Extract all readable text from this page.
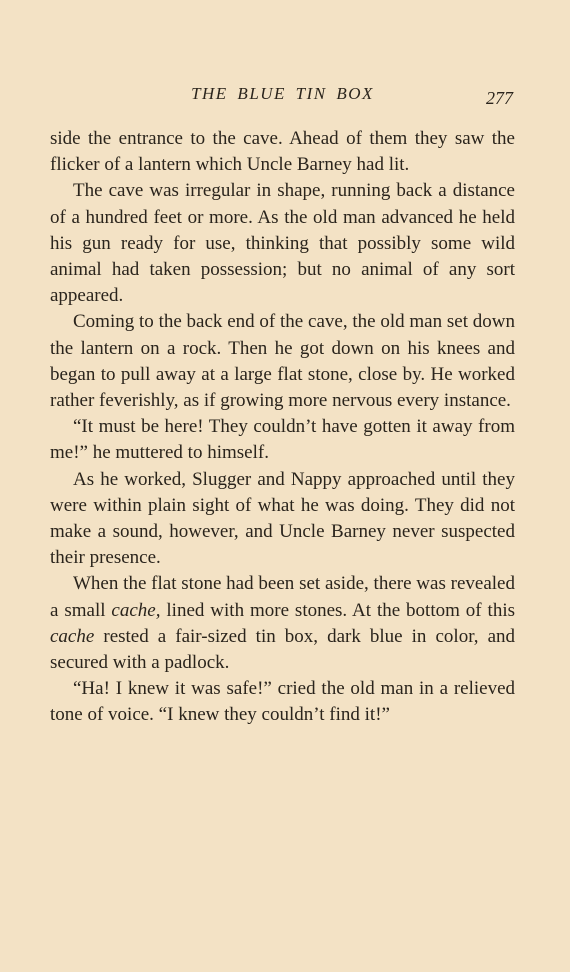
THE BLUE TIN BOX	277

side the entrance to the cave. Ahead of them they saw the flicker of a lantern which Uncle Barney had lit.

The cave was irregular in shape, running back a distance of a hundred feet or more. As the old man advanced he held his gun ready for use, thinking that possibly some wild animal had taken possession; but no animal of any sort appeared.

Coming to the back end of the cave, the old man set down the lantern on a rock. Then he got down on his knees and began to pull away at a large flat stone, close by. He worked rather feverishly, as if growing more nervous every instance.

“It must be here! They couldn’t have gotten it away from me!” he muttered to himself.

As he worked, Slugger and Nappy approached until they were within plain sight of what he was doing. They did not make a sound, however, and Uncle Barney never suspected their presence.

When the flat stone had been set aside, there was revealed a small cache, lined with more stones. At the bottom of this cache rested a fair-sized tin box, dark blue in color, and secured with a padlock.

“Ha! I knew it was safe!” cried the old man in a relieved tone of voice. “I knew they couldn’t find it!”
